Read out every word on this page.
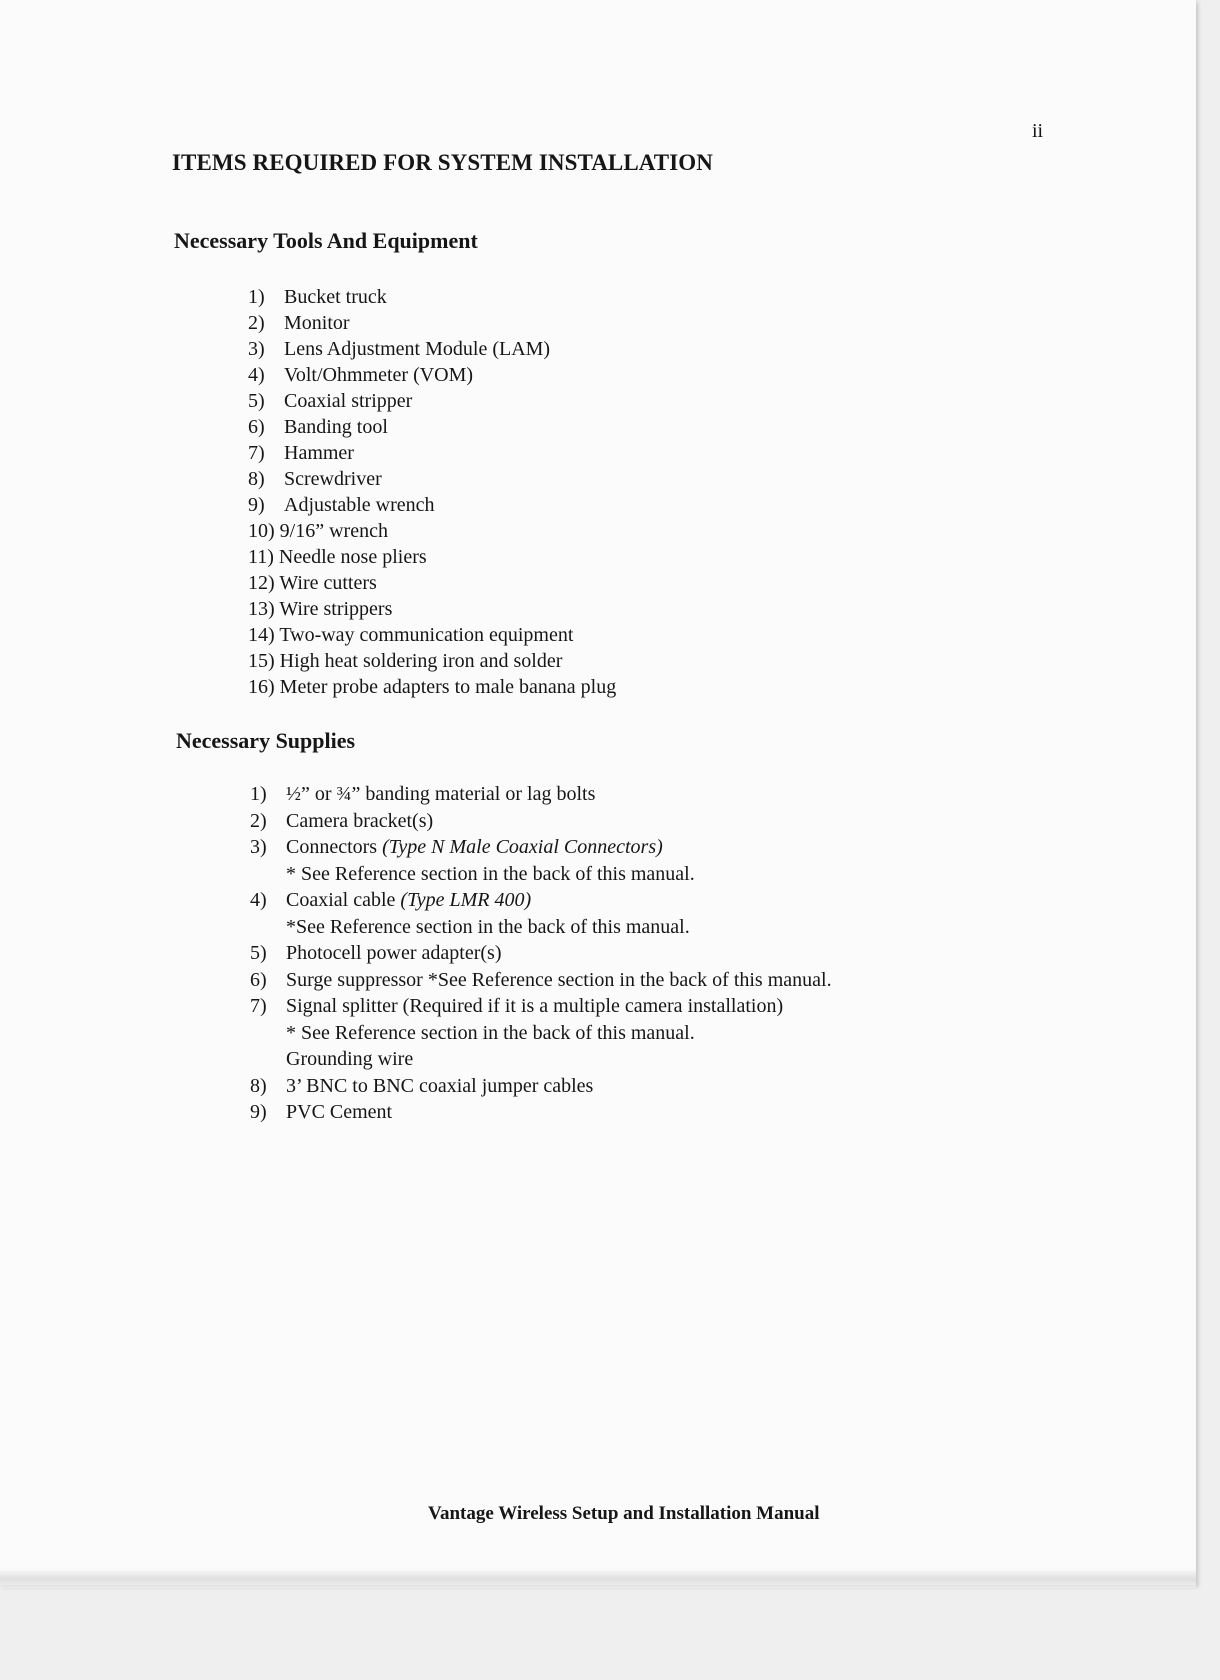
ii
ITEMS REQUIRED FOR SYSTEM INSTALLATION
Necessary Tools And Equipment
1) Bucket truck
2) Monitor
3) Lens Adjustment Module (LAM)
4) Volt/Ohmmeter (VOM)
5) Coaxial stripper
6) Banding tool
7) Hammer
8) Screwdriver
9) Adjustable wrench
10) 9/16” wrench
11) Needle nose pliers
12) Wire cutters
13) Wire strippers
14) Two-way communication equipment
15) High heat soldering iron and solder
16) Meter probe adapters to male banana plug
Necessary Supplies
1) ½” or ¾” banding material or lag bolts
2) Camera bracket(s)
3) Connectors (Type N Male Coaxial Connectors)
* See Reference section in the back of this manual.
4) Coaxial cable (Type LMR 400)
*See Reference section in the back of this manual.
5) Photocell power adapter(s)
6) Surge suppressor *See Reference section in the back of this manual.
7) Signal splitter (Required if it is a multiple camera installation)
* See Reference section in the back of this manual.
Grounding wire
8) 3’ BNC to BNC coaxial jumper cables
9) PVC Cement
Vantage Wireless Setup and Installation Manual
